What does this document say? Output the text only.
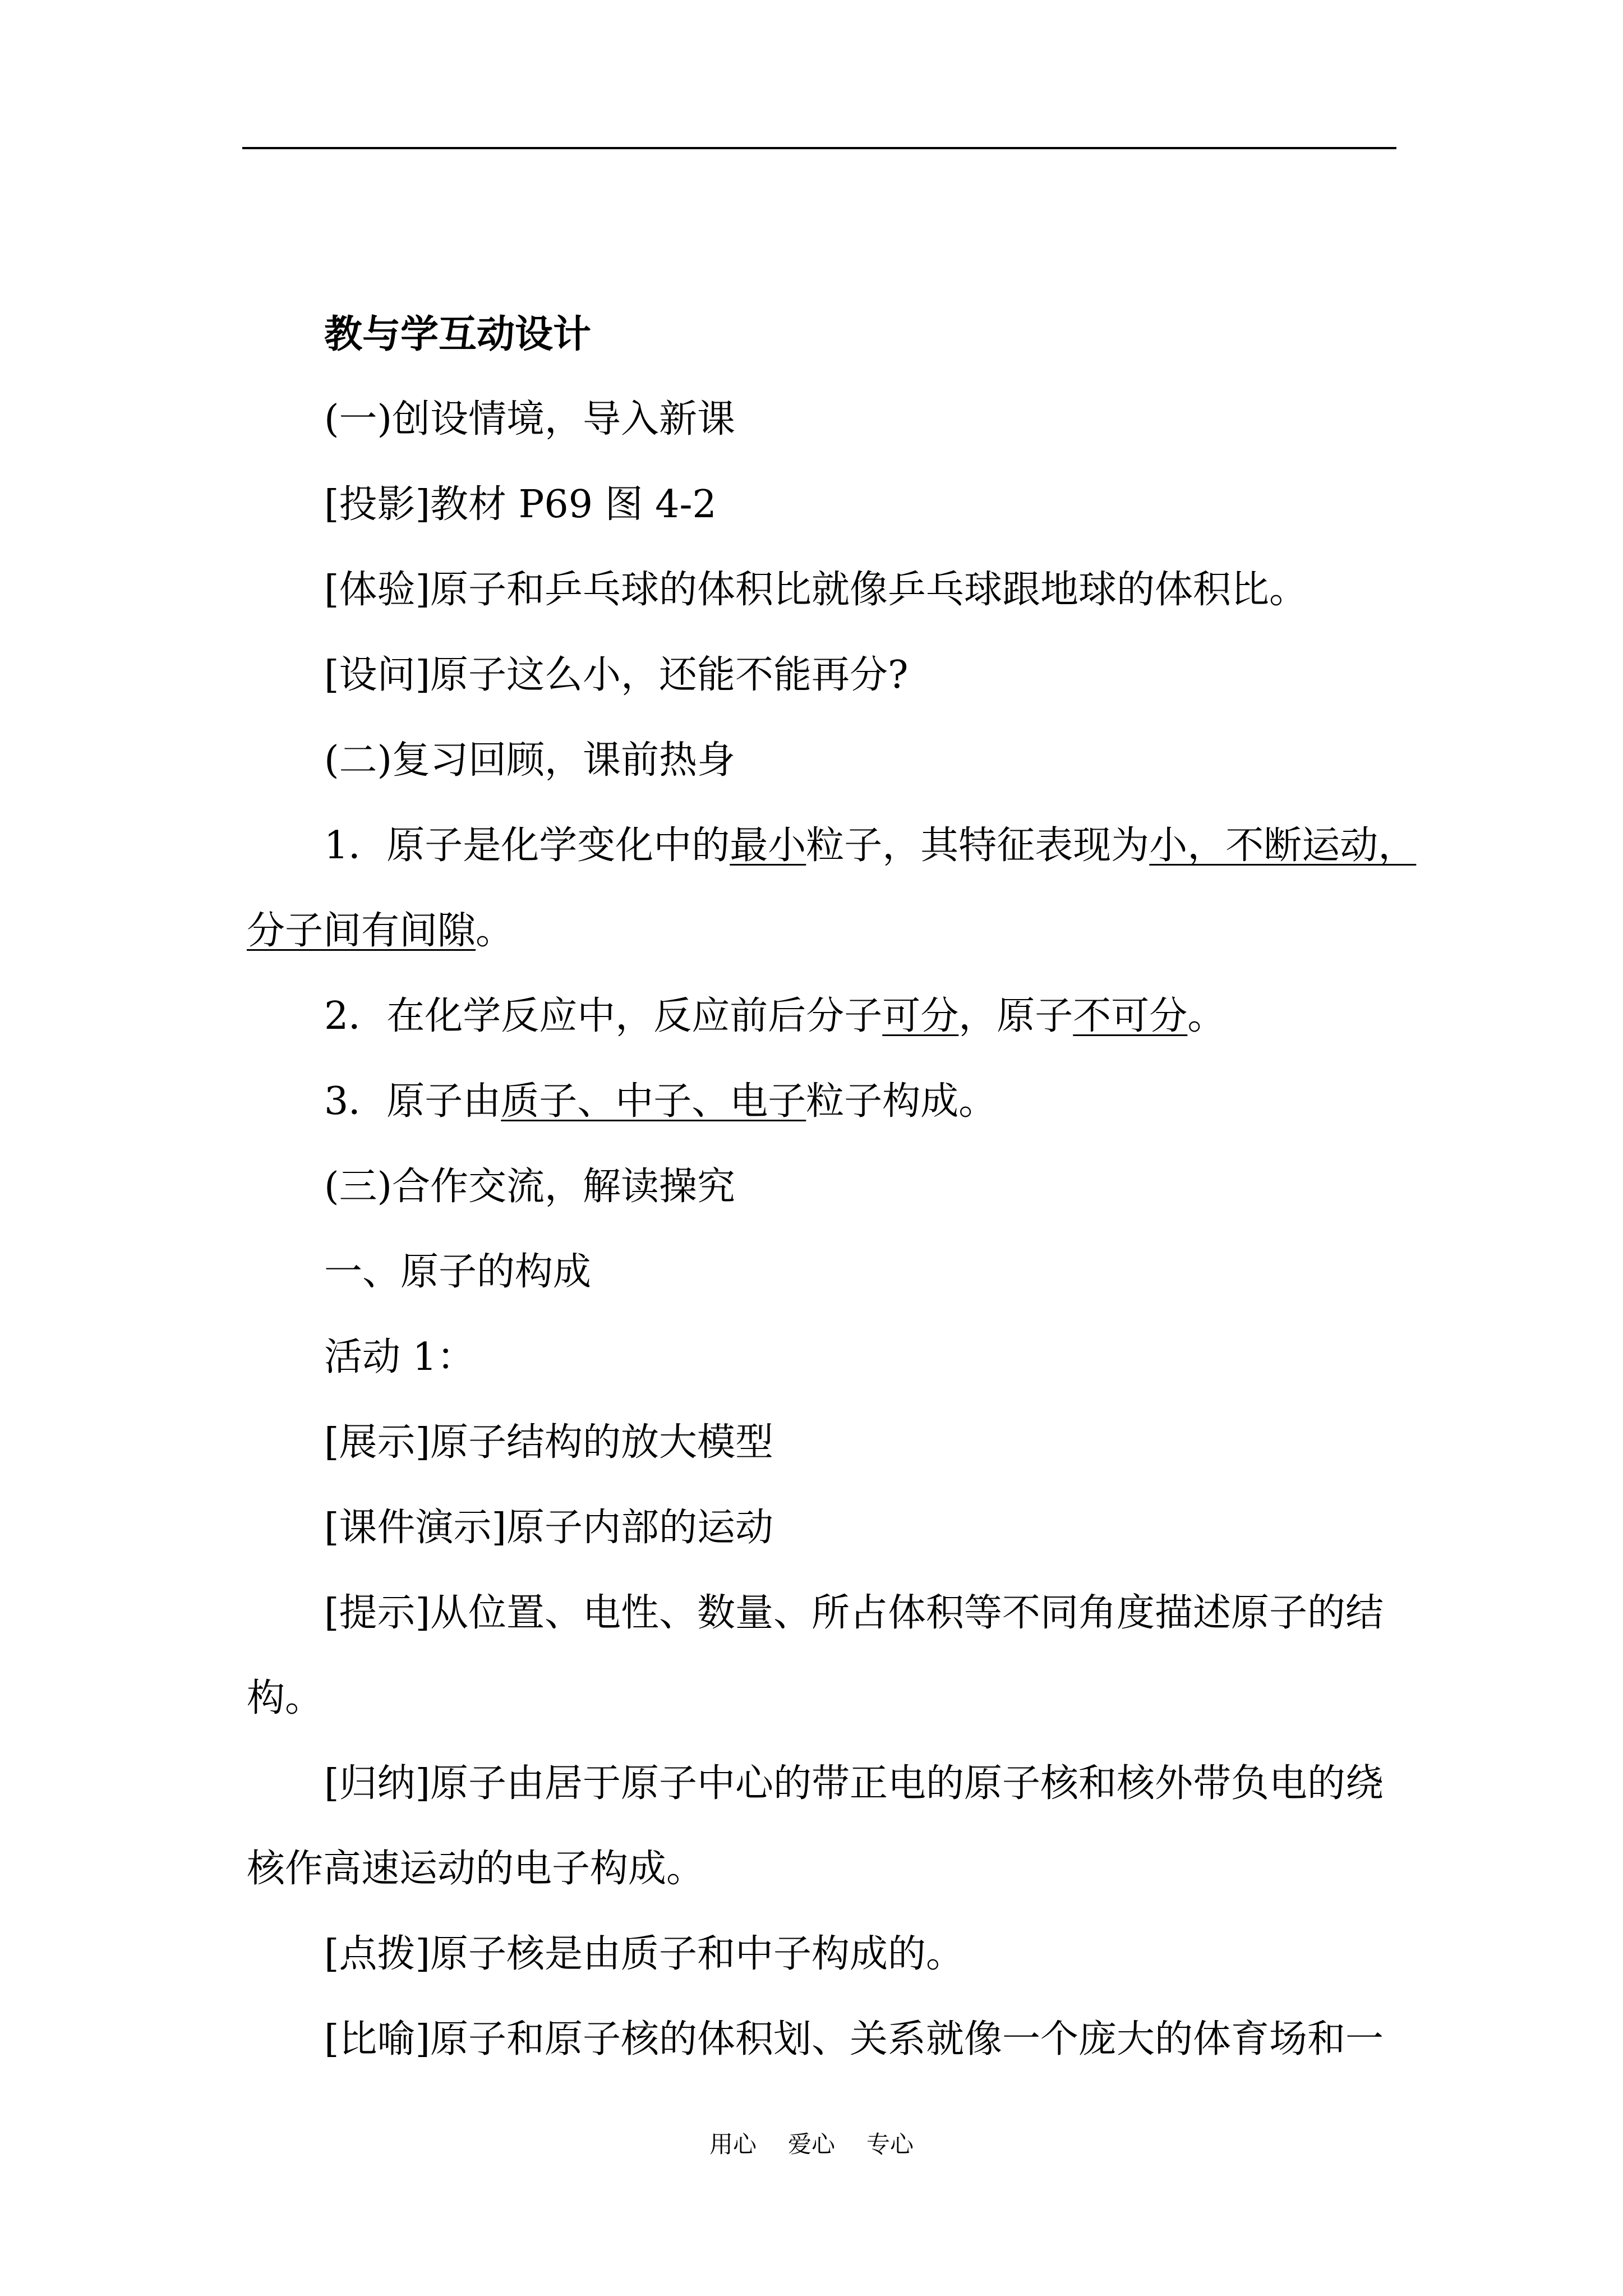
教与学互动设计
(一)创设情境，导入新课
[投影]教材 P69 图 4-2
[体验]原子和乒乓球的体积比就像乒乓球跟地球的体积比。
[设问]原子这么小，还能不能再分?
(二)复习回顾，课前热身
1．原子是化学变化中的最小粒子，其特征表现为小，不断运动，
分子间有间隙。
2．在化学反应中，反应前后分子可分，原子不可分。
3．原子由质子、中子、电子粒子构成。
(三)合作交流，解读操究
一、原子的构成
活动 1：
[展示]原子结构的放大模型
[课件演示]原子内部的运动
[提示]从位置、电性、数量、所占体积等不同角度描述原子的结
构。
[归纳]原子由居于原子中心的带正电的原子核和核外带负电的绕
核作高速运动的电子构成。
[点拨]原子核是由质子和中子构成的。
[比喻]原子和原子核的体积划、关系就像一个庞大的体育场和一
用心 爱心 专心
